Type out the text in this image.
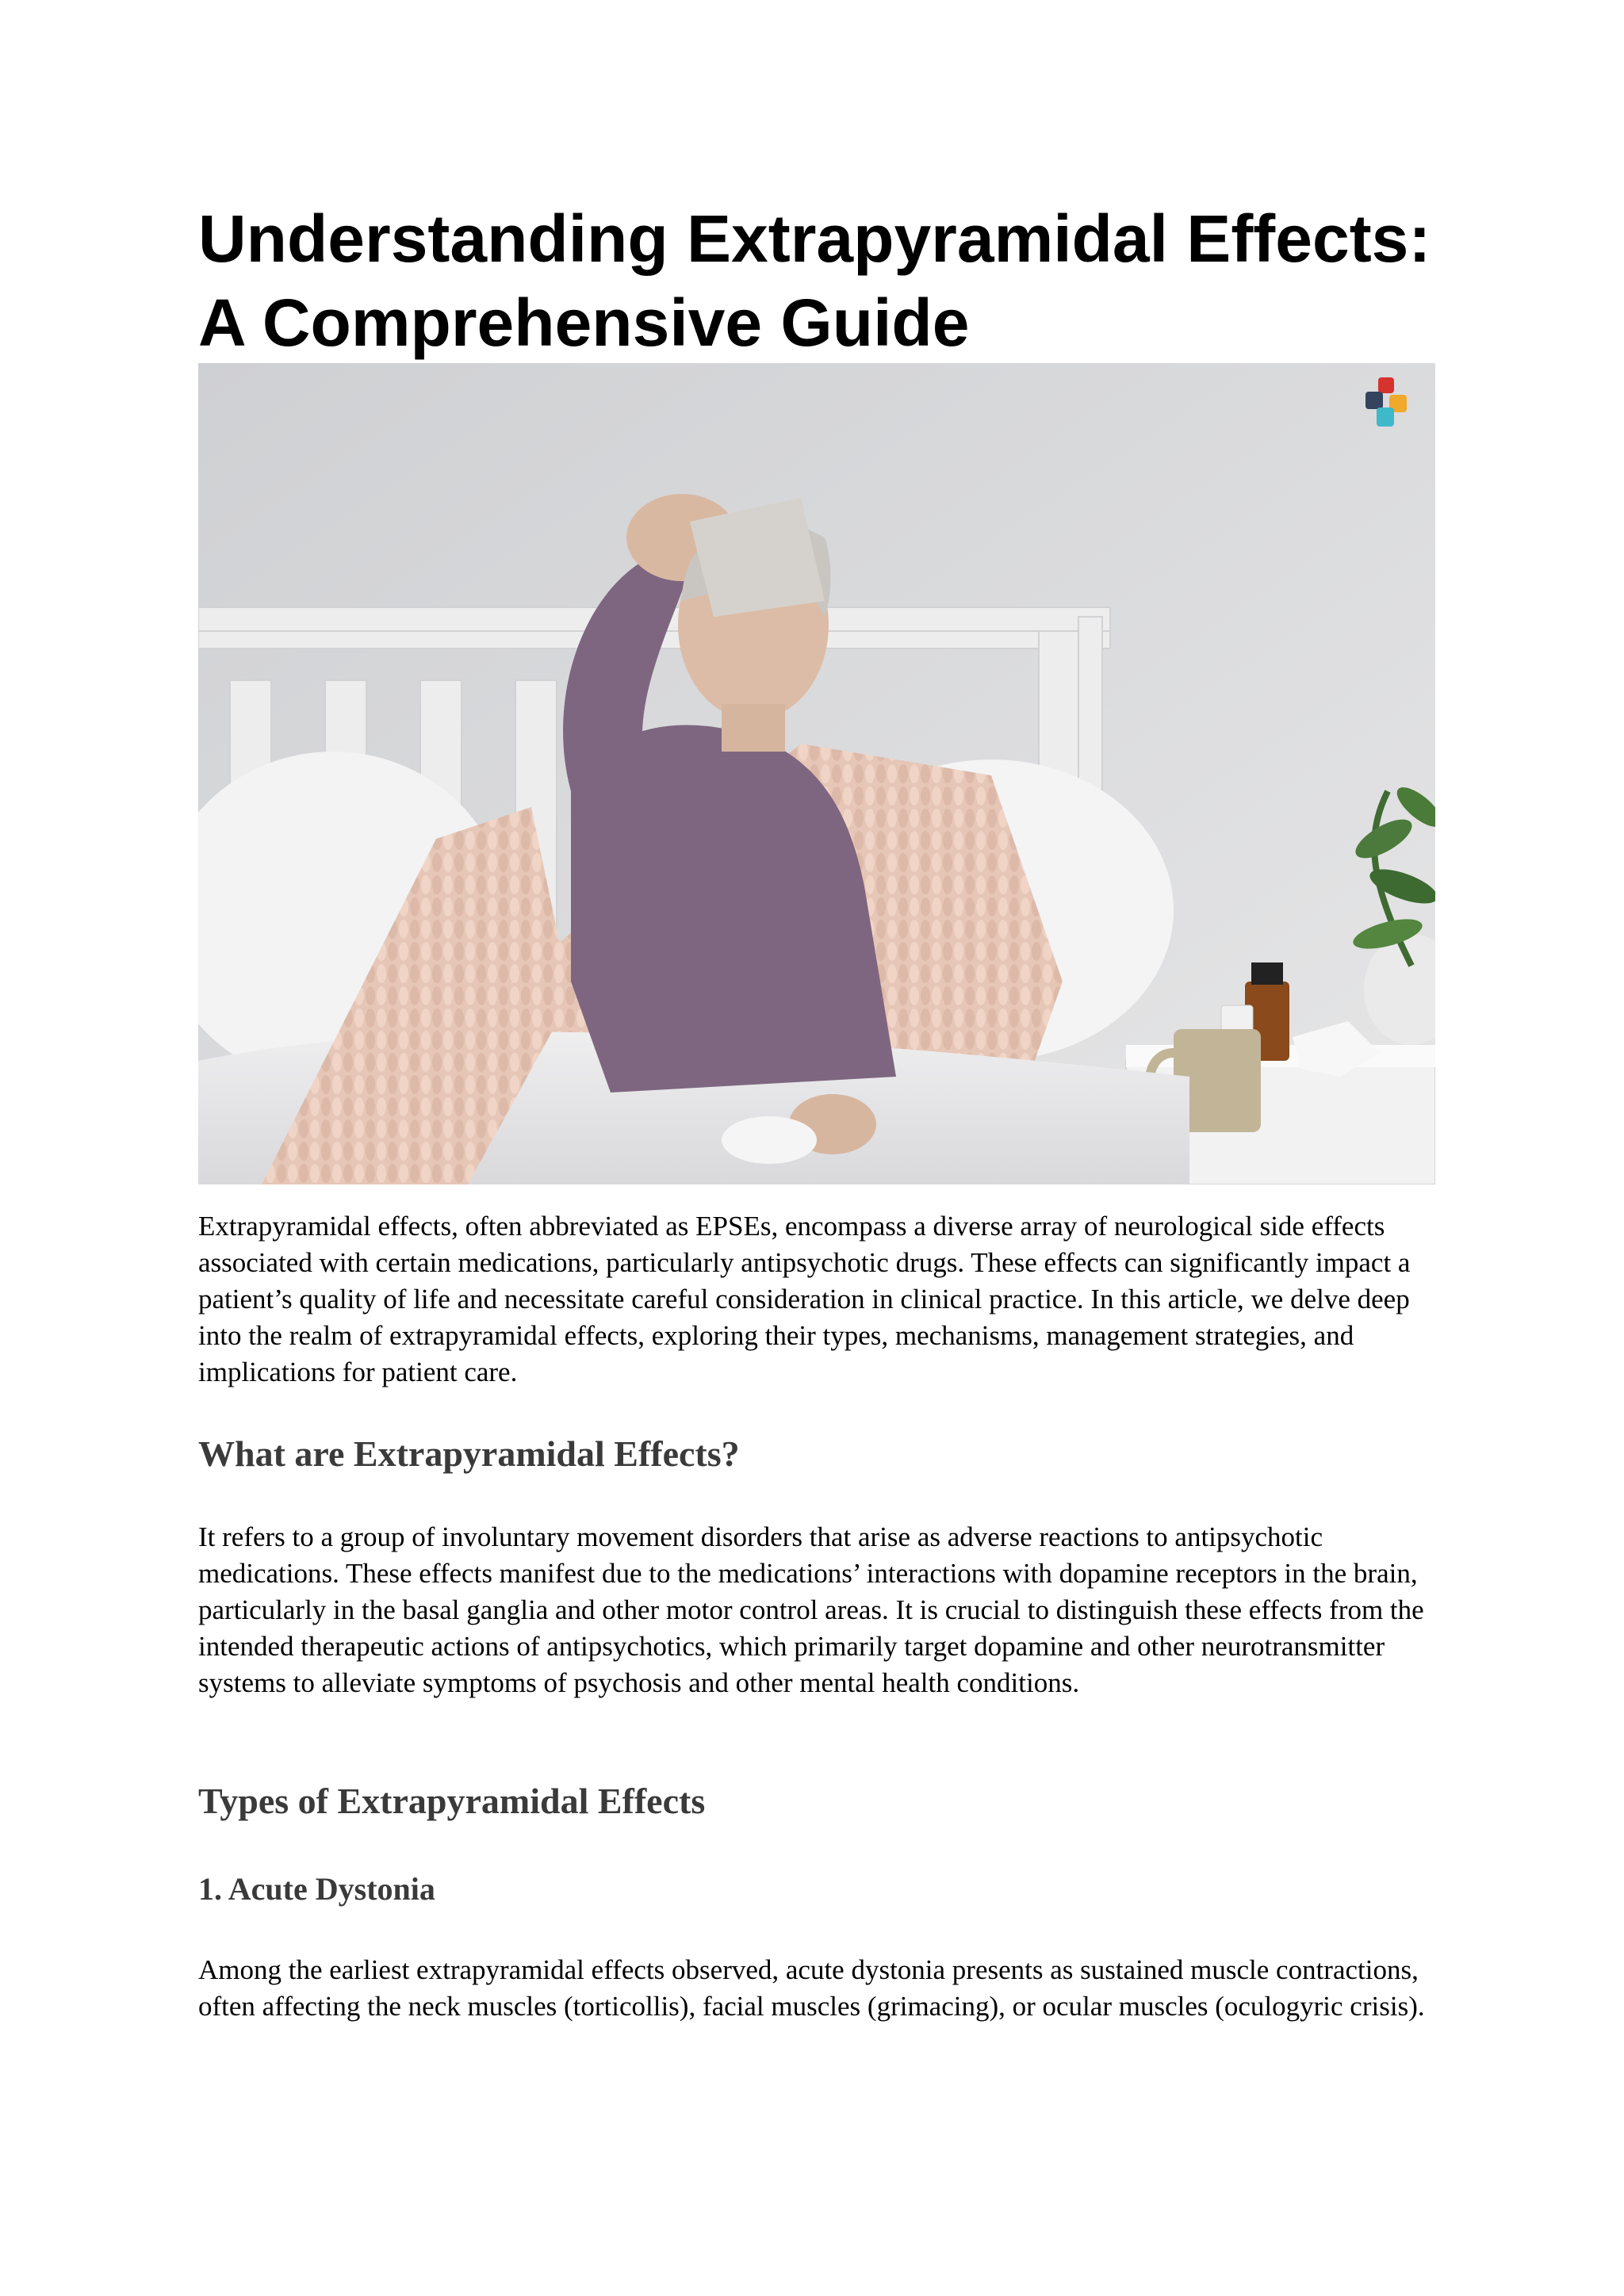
Understanding Extrapyramidal Effects: A Comprehensive Guide

Extrapyramidal effects, often abbreviated as EPSEs, encompass a diverse array of neurological side effects associated with certain medications, particularly antipsychotic drugs. These effects can significantly impact a patient’s quality of life and necessitate careful consideration in clinical practice. In this article, we delve deep into the realm of extrapyramidal effects, exploring their types, mechanisms, management strategies, and implications for patient care.

What are Extrapyramidal Effects?

It refers to a group of involuntary movement disorders that arise as adverse reactions to antipsychotic medications. These effects manifest due to the medications’ interactions with dopamine receptors in the brain, particularly in the basal ganglia and other motor control areas. It is crucial to distinguish these effects from the intended therapeutic actions of antipsychotics, which primarily target dopamine and other neurotransmitter systems to alleviate symptoms of psychosis and other mental health conditions.

Types of Extrapyramidal Effects
1. Acute Dystonia

Among the earliest extrapyramidal effects observed, acute dystonia presents as sustained muscle contractions, often affecting the neck muscles (torticollis), facial muscles (grimacing), or ocular muscles (oculogyric crisis).
